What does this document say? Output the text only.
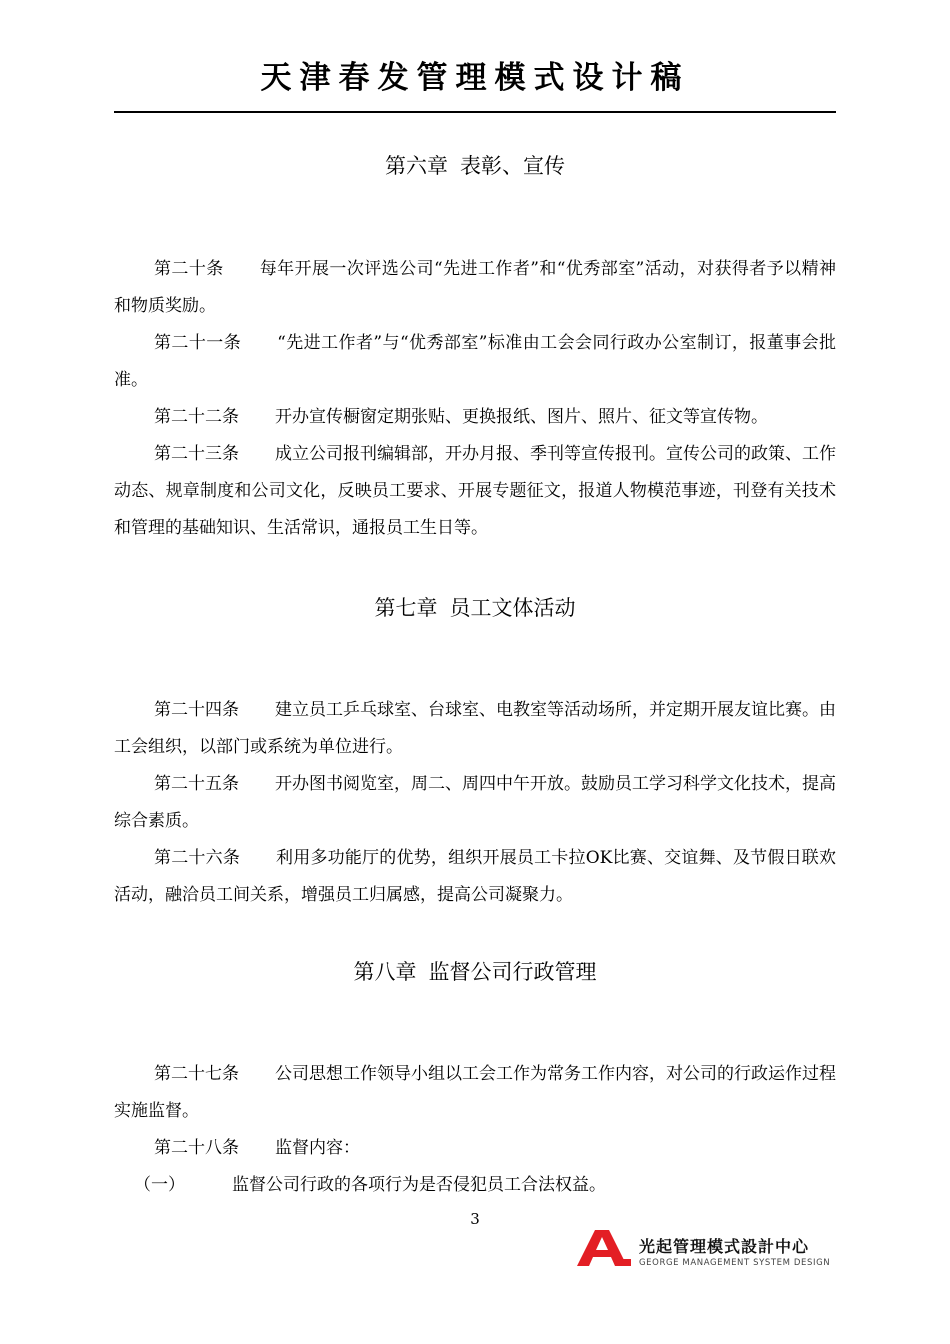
天津春发管理模式设计稿
第六章 表彰、宣传
第二十条 每年开展一次评选公司“先进工作者”和“优秀部室”活动，对获得者予以精神和物质奖励。
第二十一条 “先进工作者”与“优秀部室”标准由工会会同行政办公室制订，报董事会批准。
第二十二条 开办宣传橱窗定期张贴、更换报纸、图片、照片、征文等宣传物。
第二十三条 成立公司报刊编辑部，开办月报、季刊等宣传报刊。宣传公司的政策、工作动态、规章制度和公司文化，反映员工要求、开展专题征文，报道人物模范事迹，刊登有关技术和管理的基础知识、生活常识，通报员工生日等。
第七章 员工文体活动
第二十四条 建立员工乒乓球室、台球室、电教室等活动场所，并定期开展友谊比赛。由工会组织，以部门或系统为单位进行。
第二十五条 开办图书阅览室，周二、周四中午开放。鼓励员工学习科学文化技术，提高综合素质。
第二十六条 利用多功能厅的优势，组织开展员工卡拉OK比赛、交谊舞、及节假日联欢活动，融洽员工间关系，增强员工归属感，提高公司凝聚力。
第八章 监督公司行政管理
第二十七条 公司思想工作领导小组以工会工作为常务工作内容，对公司的行政运作过程实施监督。
第二十八条 监督内容：
（一）	监督公司行政的各项行为是否侵犯员工合法权益。
3
光起管理模式設計中心
GEORGE MANAGEMENT SYSTEM DESIGN
